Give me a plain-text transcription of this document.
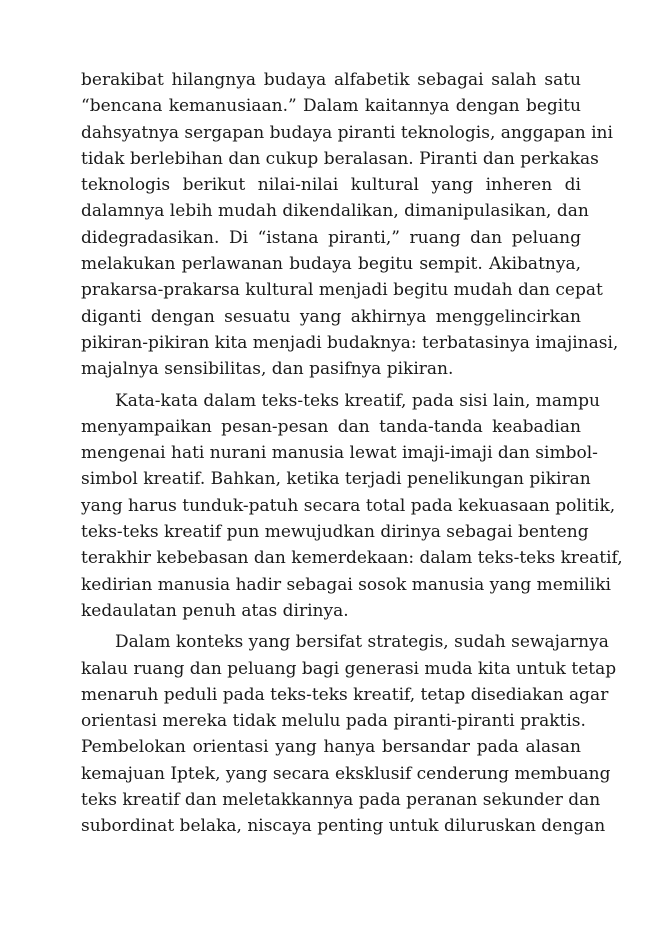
berakibat hilangnya budaya alfabetik sebagai salah satu
“bencana kemanusiaan.” Dalam kaitannya dengan begitu
dahsyatnya sergapan budaya piranti teknologis, anggapan ini
tidak berlebihan dan cukup beralasan. Piranti dan perkakas
teknologis berikut nilai-nilai kultural yang inheren di
dalamnya lebih mudah dikendalikan, dimanipulasikan, dan
didegradasikan. Di “istana piranti,” ruang dan peluang
melakukan perlawanan budaya begitu sempit. Akibatnya,
prakarsa-prakarsa kultural menjadi begitu mudah dan cepat
diganti dengan sesuatu yang akhirnya menggelincirkan
pikiran-pikiran kita menjadi budaknya: terbatasinya imajinasi,
majalnya sensibilitas, dan pasifnya pikiran.
Kata-kata dalam teks-teks kreatif, pada sisi lain, mampu
menyampaikan pesan-pesan dan tanda-tanda keabadian
mengenai hati nurani manusia lewat imaji-imaji dan simbol-
simbol kreatif. Bahkan, ketika terjadi penelikungan pikiran
yang harus tunduk-patuh secara total pada kekuasaan politik,
teks-teks kreatif pun mewujudkan dirinya sebagai benteng
terakhir kebebasan dan kemerdekaan: dalam teks-teks kreatif,
kedirian manusia hadir sebagai sosok manusia yang memiliki
kedaulatan penuh atas dirinya.
Dalam konteks yang bersifat strategis, sudah sewajarnya
kalau ruang dan peluang bagi generasi muda kita untuk tetap
menaruh peduli pada teks-teks kreatif, tetap disediakan agar
orientasi mereka tidak melulu pada piranti-piranti praktis.
Pembelokan orientasi yang hanya bersandar pada alasan
kemajuan Iptek, yang secara eksklusif cenderung membuang
teks kreatif dan meletakkannya pada peranan sekunder dan
subordinat belaka, niscaya penting untuk diluruskan dengan
